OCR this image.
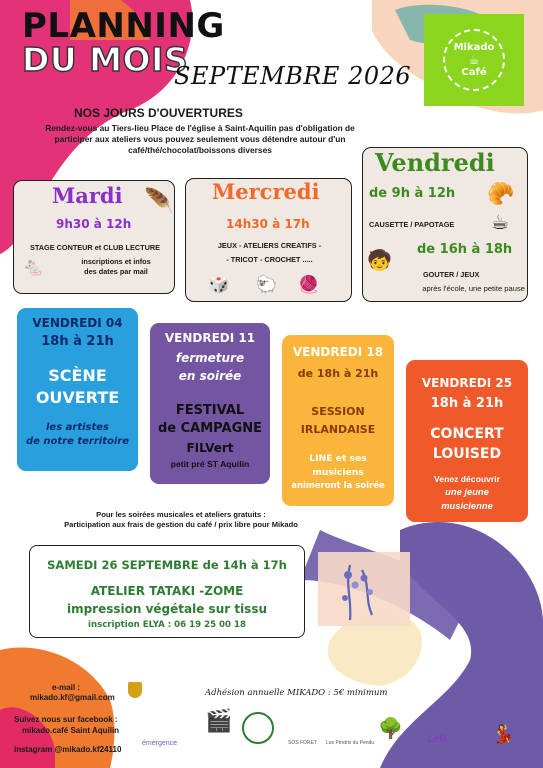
PLANNING
DU MOIS
SEPTEMBRE 2026
Mikado
☕
Café
NOS JOURS D'OUVERTURES
Rendez-vous au Tiers-lieu Place de l'église à Saint-Aquilin pas d'obligation de participer aux ateliers vous pouvez seulement vous détendre autour d'un café/thé/chocolat/boissons diverses
Mardi
9h30 à 12h
🪶
STAGE CONTEUR et CLUB LECTURE
inscriptions et infos
des dates par mail
🐁
Mercredi
14h30 à 17h
JEUX - ATELIERS CREATIFS -
- TRICOT - CROCHET .....
🎲 🐑 🧶
Vendredi
de 9h à 12h 🥐
CAUSETTE / PAPOTAGE ☕
de 16h à 18h
🧒
GOUTER / JEUX
après l'école, une petite pause
VENDREDI 04
18h à 21h
SCÈNE
OUVERTE
les artistes
de notre territoire
VENDREDI 11
fermeture
en soirée
FESTIVAL
de CAMPAGNE
FILVert
petit pré ST Aquilin
VENDREDI 18
de 18h à 21h
SESSION
IRLANDAISE
LINE et ses
musiciens
animeront la soirée
VENDREDI 25
18h à 21h
CONCERT
LOUISED
Venez découvrir
une jeune
musicienne
Pour les soirées musicales et ateliers gratuits :
Participation aux frais de gestion du café / prix libre pour Mikado
SAMEDI 26 SEPTEMBRE de 14h à 17h
ATELIER TATAKI -ZOME
impression végétale sur tissu
inscription ELYA : 06 19 25 00 18
e-mail :
mikado.kf@gmail.com
Suivez nous sur facebook :
mikado.café Saint Aquilin
instagram @mikado.kf24110
Adhésion annuelle MIKADO : 5€ minimum
émergence
🎬
SOS FORET Les Perdrix du Pendu
🌳	Lefil	💃
